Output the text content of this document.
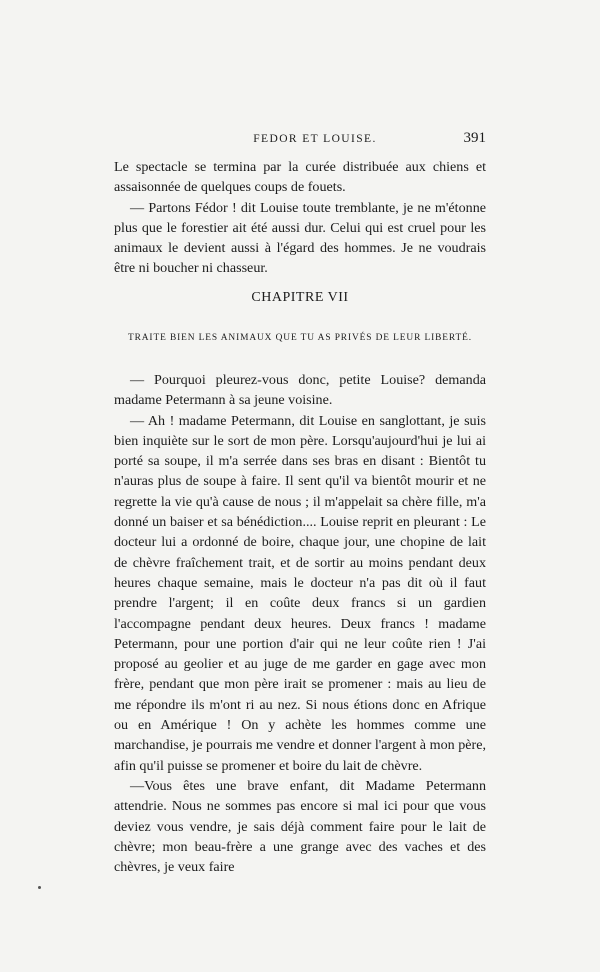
FEDOR ET LOUISE.	391

Le spectacle se termina par la curée distribuée aux chiens et assaisonnée de quelques coups de fouets.

— Partons Fédor ! dit Louise toute tremblante, je ne m'étonne plus que le forestier ait été aussi dur. Celui qui est cruel pour les animaux le devient aussi à l'égard des hommes. Je ne voudrais être ni boucher ni chasseur.

CHAPITRE VII
TRAITE BIEN LES ANIMAUX QUE TU AS PRIVÉS DE LEUR LIBERTÉ.

— Pourquoi pleurez-vous donc, petite Louise? demanda madame Petermann à sa jeune voisine.

— Ah ! madame Petermann, dit Louise en sanglottant, je suis bien inquiète sur le sort de mon père. Lorsqu'aujourd'hui je lui ai porté sa soupe, il m'a serrée dans ses bras en disant : Bientôt tu n'auras plus de soupe à faire. Il sent qu'il va bientôt mourir et ne regrette la vie qu'à cause de nous ; il m'appelait sa chère fille, m'a donné un baiser et sa bénédiction.... Louise reprit en pleurant : Le docteur lui a ordonné de boire, chaque jour, une chopine de lait de chèvre fraîchement trait, et de sortir au moins pendant deux heures chaque semaine, mais le docteur n'a pas dit où il faut prendre l'argent; il en coûte deux francs si un gardien l'accompagne pendant deux heures. Deux francs ! madame Petermann, pour une portion d'air qui ne leur coûte rien ! J'ai proposé au geolier et au juge de me garder en gage avec mon frère, pendant que mon père irait se promener : mais au lieu de me répondre ils m'ont ri au nez. Si nous étions donc en Afrique ou en Amérique ! On y achète les hommes comme une marchandise, je pourrais me vendre et donner l'argent à mon père, afin qu'il puisse se promener et boire du lait de chèvre.

—Vous êtes une brave enfant, dit Madame Petermann attendrie. Nous ne sommes pas encore si mal ici pour que vous deviez vous vendre, je sais déjà comment faire pour le lait de chèvre; mon beau-frère a une grange avec des vaches et des chèvres, je veux faire
